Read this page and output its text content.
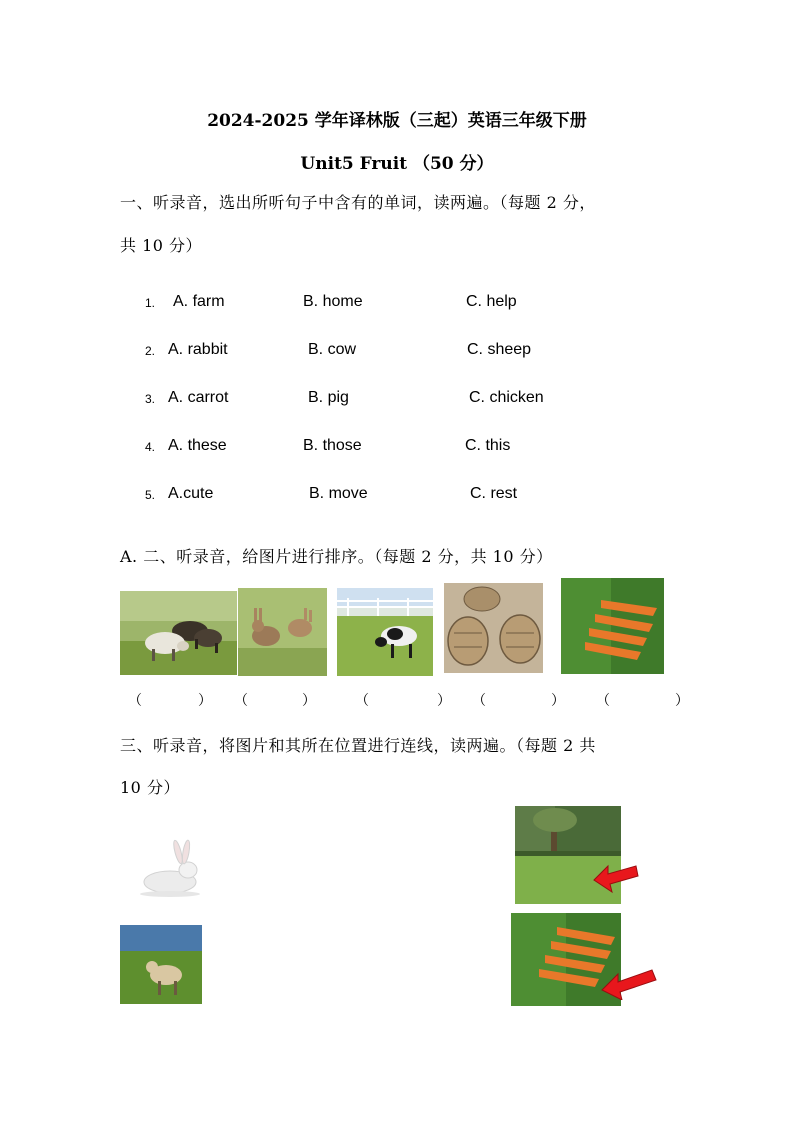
2024-2025 学年译林版（三起）英语三年级下册
Unit5 Fruit （50 分）
一、听录音，选出所听句子中含有的单词，读两遍。（每题 2 分，
共 10 分）
1. A. farm	B. home	C. help
2. A. rabbit	B. cow	C. sheep
3. A. carrot	B. pig	C. chicken
4. A. these	B. those	C. this
5. A.cute	B. move	C. rest
A. 二、听录音，给图片进行排序。（每题 2 分，共 10 分）
（	） （	）	（	） （	） （	）
三、听录音，将图片和其所在位置进行连线，读两遍。（每题 2 共
10 分）
